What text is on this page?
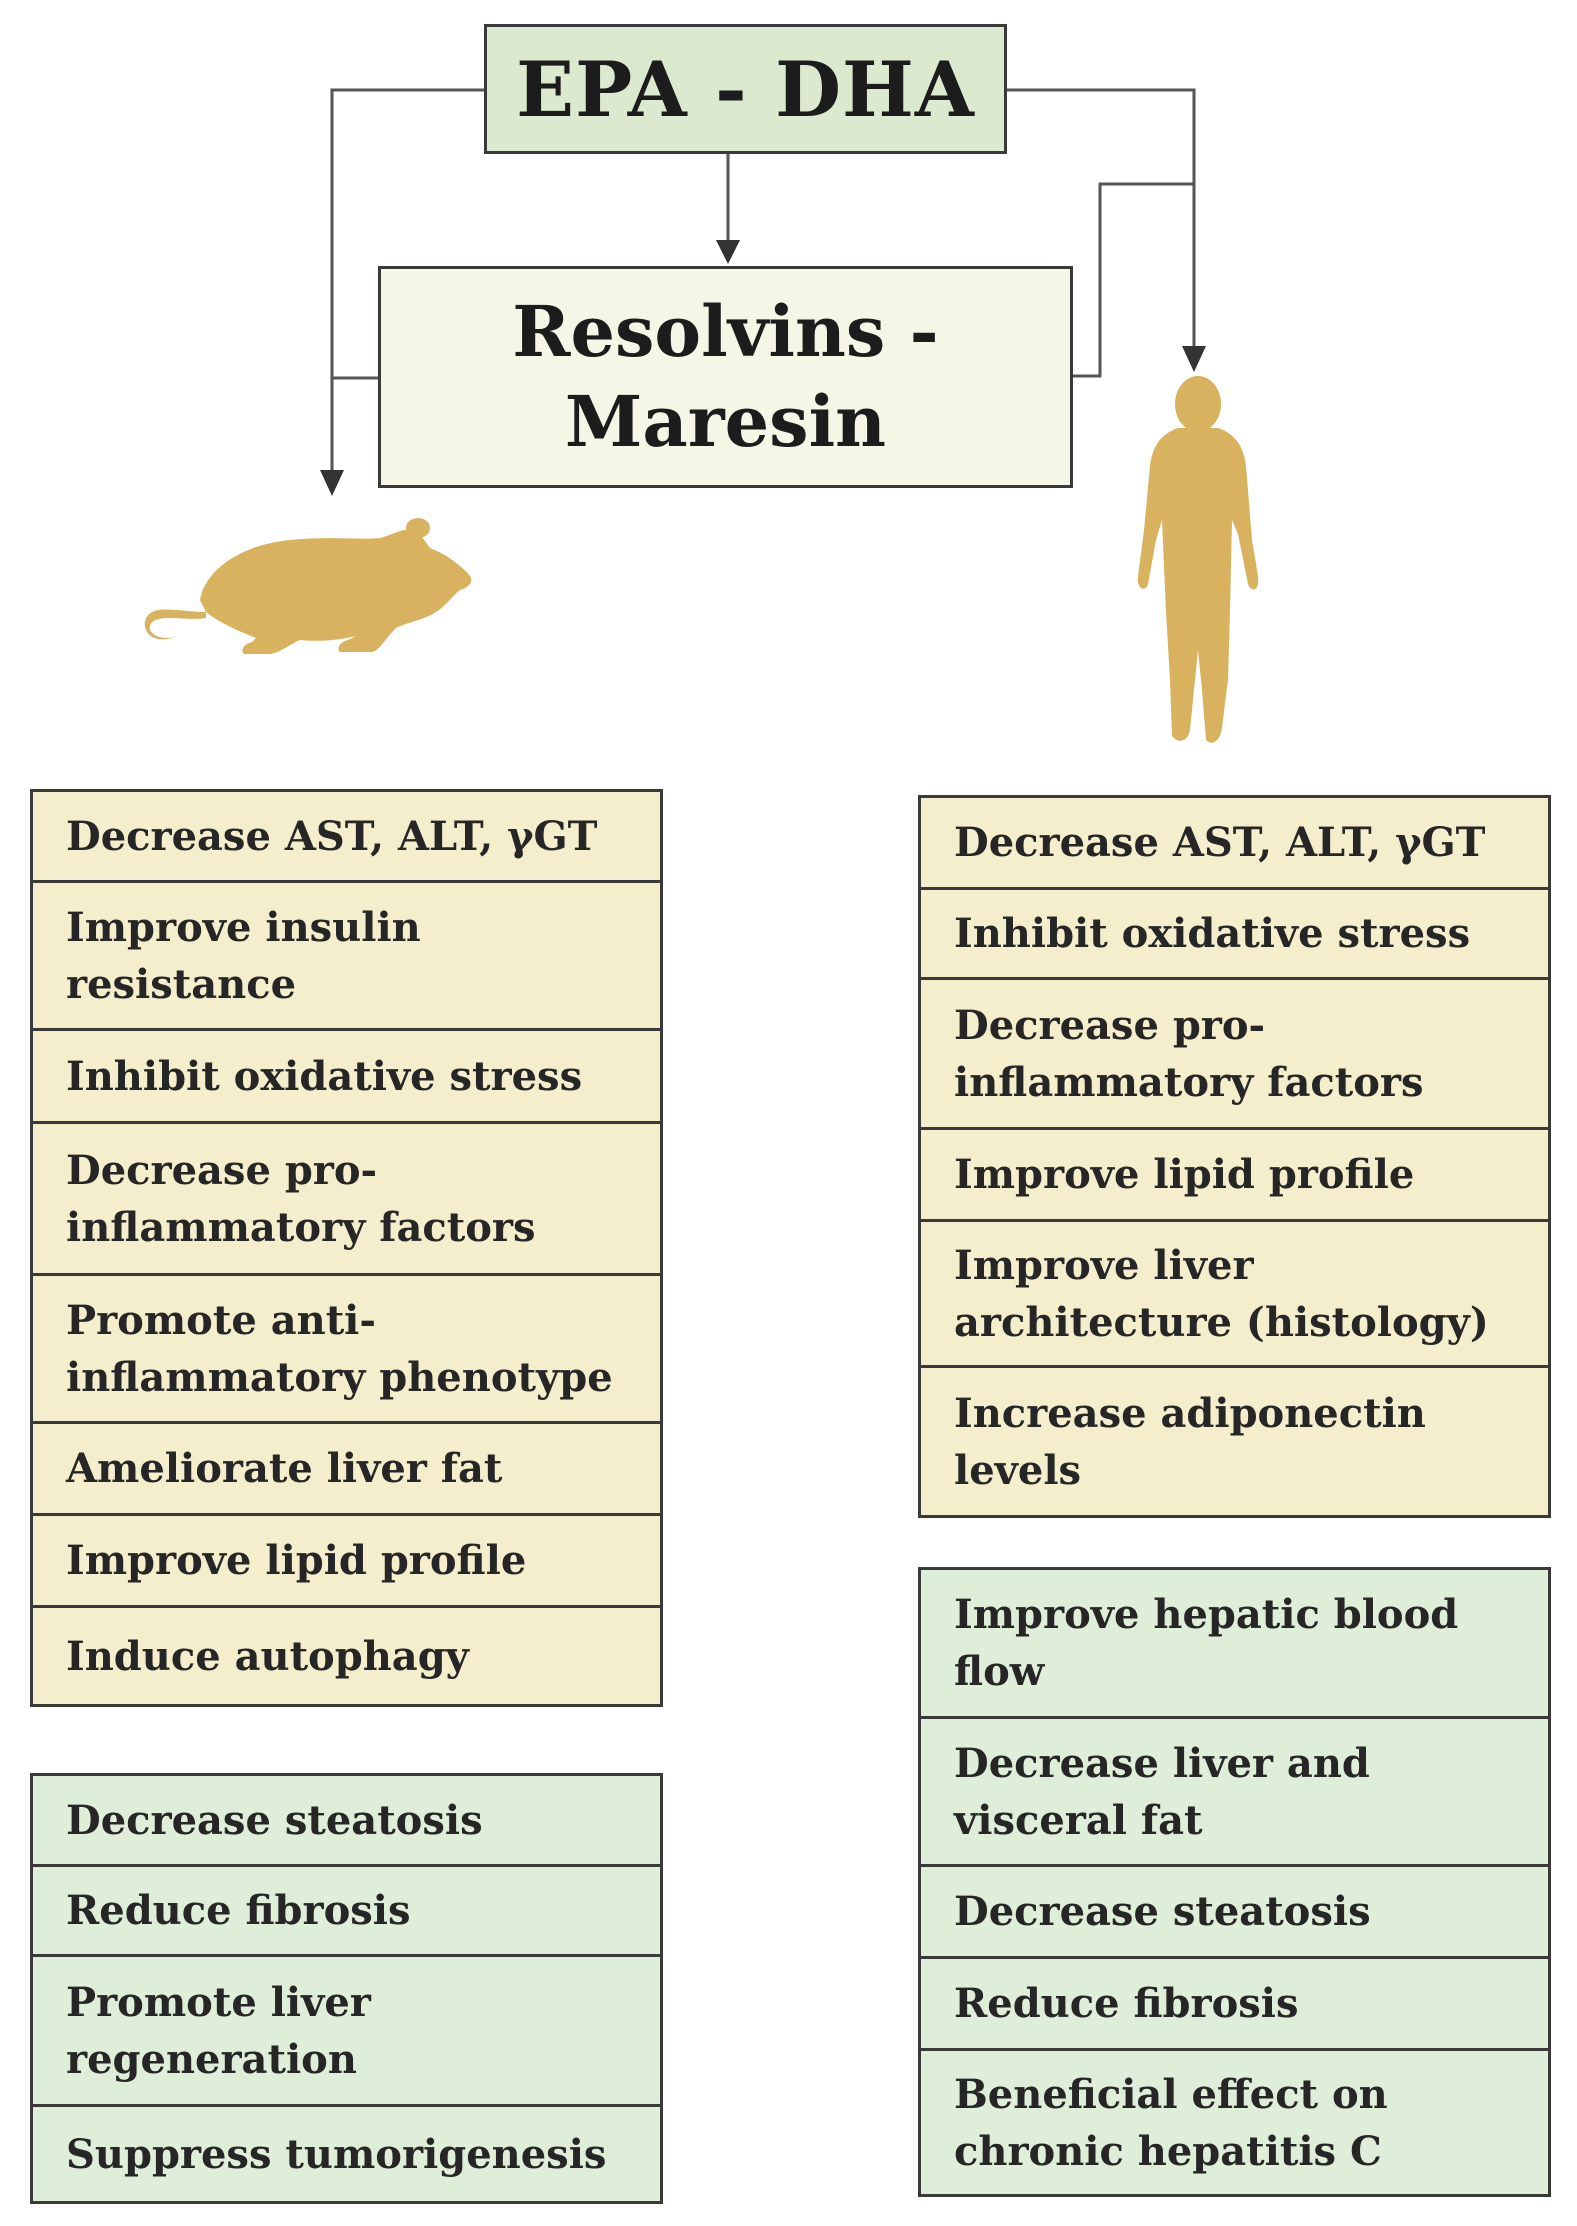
EPA - DHA
Resolvins -
Maresin
Decrease AST, ALT, γGT
Improve insulin resistance
Inhibit oxidative stress
Decrease pro-inflammatory factors
Promote anti-inflammatory phenotype
Ameliorate liver fat
Improve lipid profile
Induce autophagy
Decrease steatosis
Reduce fibrosis
Promote liver regeneration
Suppress tumorigenesis
Decrease AST, ALT, γGT
Inhibit oxidative stress
Decrease pro-inflammatory factors
Improve lipid profile
Improve liver architecture (histology)
Increase adiponectin levels
Improve hepatic blood flow
Decrease liver and visceral fat
Decrease steatosis
Reduce fibrosis
Beneficial effect on chronic hepatitis C
